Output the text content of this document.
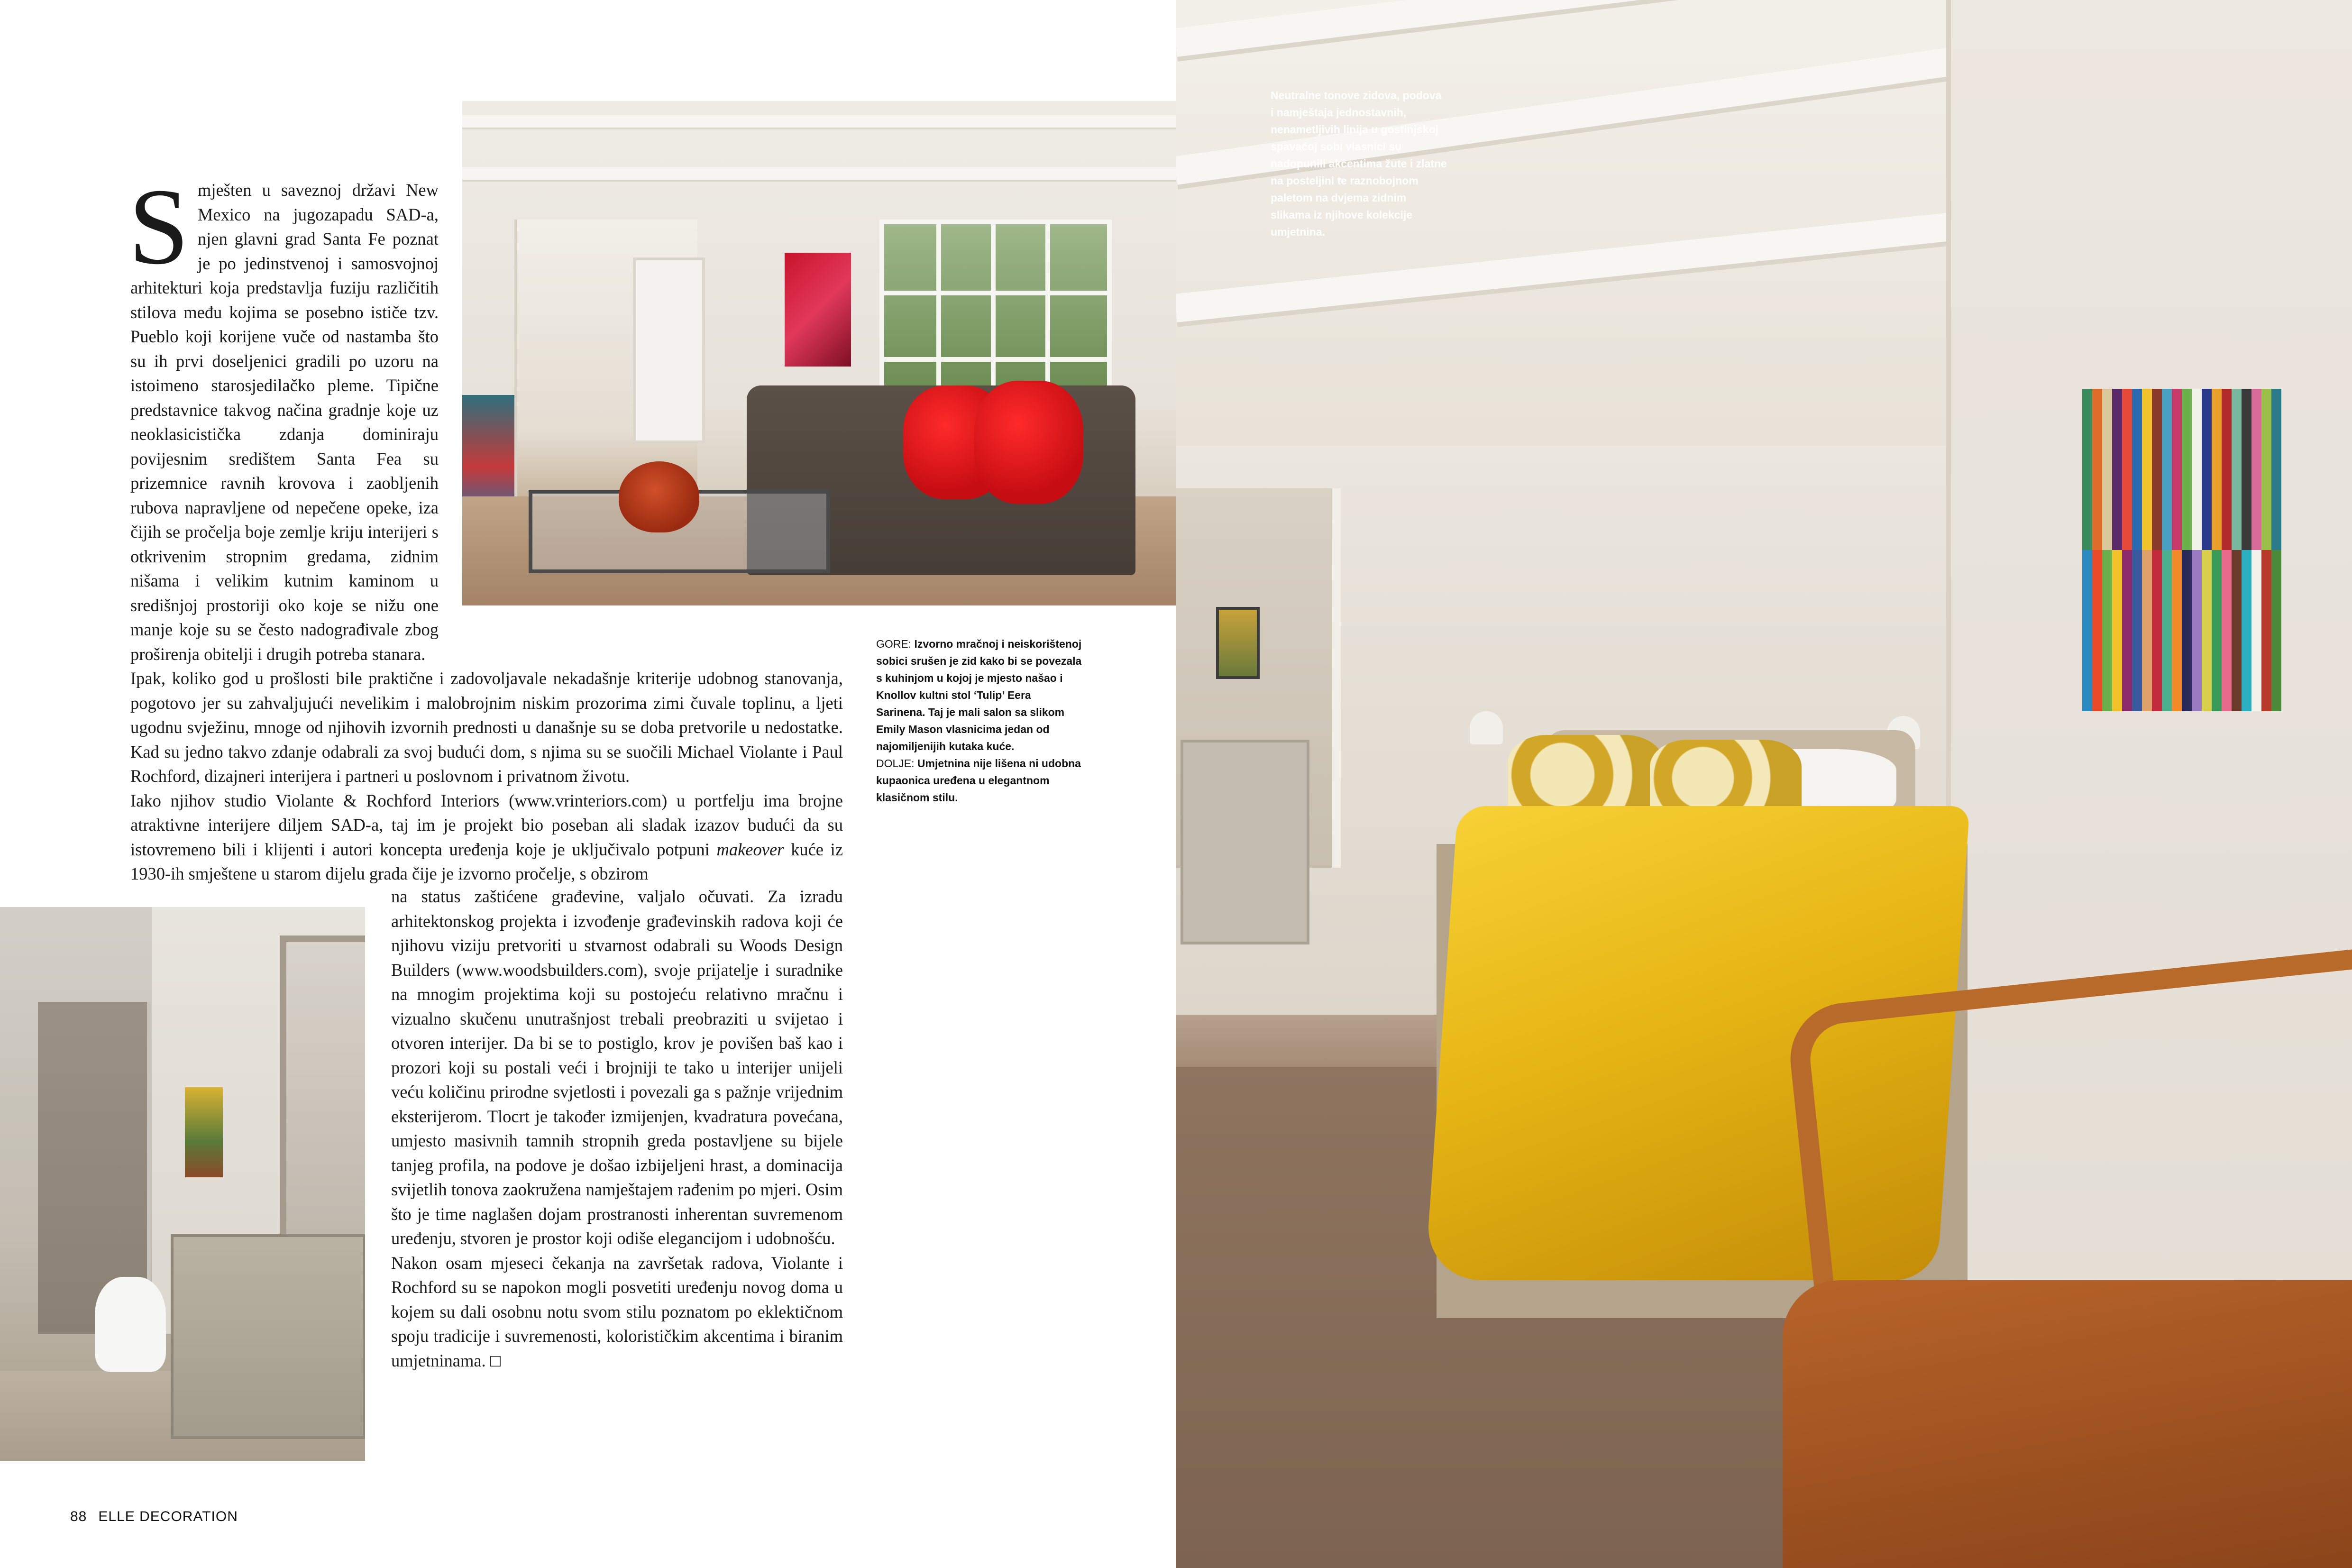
S mješten u saveznoj državi New Mexico na jugozapadu SAD-a, njen glavni grad Santa Fe poznat je po jedinstvenoj i samosvojnoj arhitekturi koja predstavlja fuziju različitih stilova među kojima se posebno ističe tzv. Pueblo koji korijene vuče od nastamba što su ih prvi doseljenici gradili po uzoru na istoimeno starosjedilačko pleme. Tipične predstavnice takvog načina gradnje koje uz neoklasicistička zdanja dominiraju povijesnim središtem Santa Fea su prizemnice ravnih krovova i zaobljenih rubova napravljene od nepečene opeke, iza čijih se pročelja boje zemlje kriju interijeri s otkrivenim stropnim gredama, zidnim nišama i velikim kutnim kaminom u središnjoj prostoriji oko koje se nižu one manje koje su se često nadograđivale zbog proširenja obitelji i drugih potreba stanara.
Ipak, koliko god u prošlosti bile praktične i zadovoljavale nekadašnje kriterije udobnog stanovanja, pogotovo jer su zahvaljujući nevelikim i malobrojnim niskim prozorima zimi čuvale toplinu, a ljeti ugodnu svježinu, mnoge od njihovih izvornih prednosti u današnje su se doba pretvorile u nedostatke. Kad su jedno takvo zdanje odabrali za svoj budući dom, s njima su se suočili Michael Violante i Paul Rochford, dizajneri interijera i partneri u poslovnom i privatnom životu.
Iako njihov studio Violante & Rochford Interiors (www.vrinteriors.com) u portfelju ima brojne atraktivne interijere diljem SAD-a, taj im je projekt bio poseban ali sladak izazov budući da su istovremeno bili i klijenti i autori koncepta uređenja koje je uključivalo potpuni makeover kuće iz 1930-ih smještene u starom dijelu grada čije je izvorno pročelje, s obzirom
na status zaštićene građevine, valjalo očuvati. Za izradu arhitektonskog projekta i izvođenje građevinskih radova koji će njihovu viziju pretvoriti u stvarnost odabrali su Woods Design Builders (www.woodsbuilders.com), svoje prijatelje i suradnike na mnogim projektima koji su postojeću relativno mračnu i vizualno skučenu unutrašnjost trebali preobraziti u svijetao i otvoren interijer. Da bi se to postiglo, krov je povišen baš kao i prozori koji su postali veći i brojniji te tako u interijer unijeli veću količinu prirodne svjetlosti i povezali ga s pažnje vrijednim eksterijerom. Tlocrt je također izmijenjen, kvadratura povećana, umjesto masivnih tamnih stropnih greda postavljene su bijele tanjeg profila, na podove je došao izbijeljeni hrast, a dominacija svijetlih tonova zaokružena namještajem rađenim po mjeri. Osim što je time naglašen dojam prostranosti inherentan suvremenom uređenju, stvoren je prostor koji odiše elegancijom i udobnošću.
Nakon osam mjeseci čekanja na završetak radova, Violante i Rochford su se napokon mogli posvetiti uređenju novog doma u kojem su dali osobnu notu svom stilu poznatom po eklektičnom spoju tradicije i suvremenosti, kolorističkim akcentima i biranim umjetninama. □
GORE: Izvorno mračnoj i neiskorištenoj sobici srušen je zid kako bi se povezala s kuhinjom u kojoj je mjesto našao i Knollov kultni stol ‘Tulip’ Eera Sarinena. Taj je mali salon sa slikom Emily Mason vlasnicima jedan od najomiljenijih kutaka kuće.
DOLJE: Umjetnina nije lišena ni udobna kupaonica uređena u elegantnom klasičnom stilu.
Neutralne tonove zidova, podova i namještaja jednostavnih, nenametljivih linija u gostinjskoj spavaćoj sobi vlasnici su nadopunili akcentima žute i zlatne na posteljini te raznobojnom paletom na dvjema zidnim slikama iz njihove kolekcije umjetnina.
88 ELLE DECORATION
